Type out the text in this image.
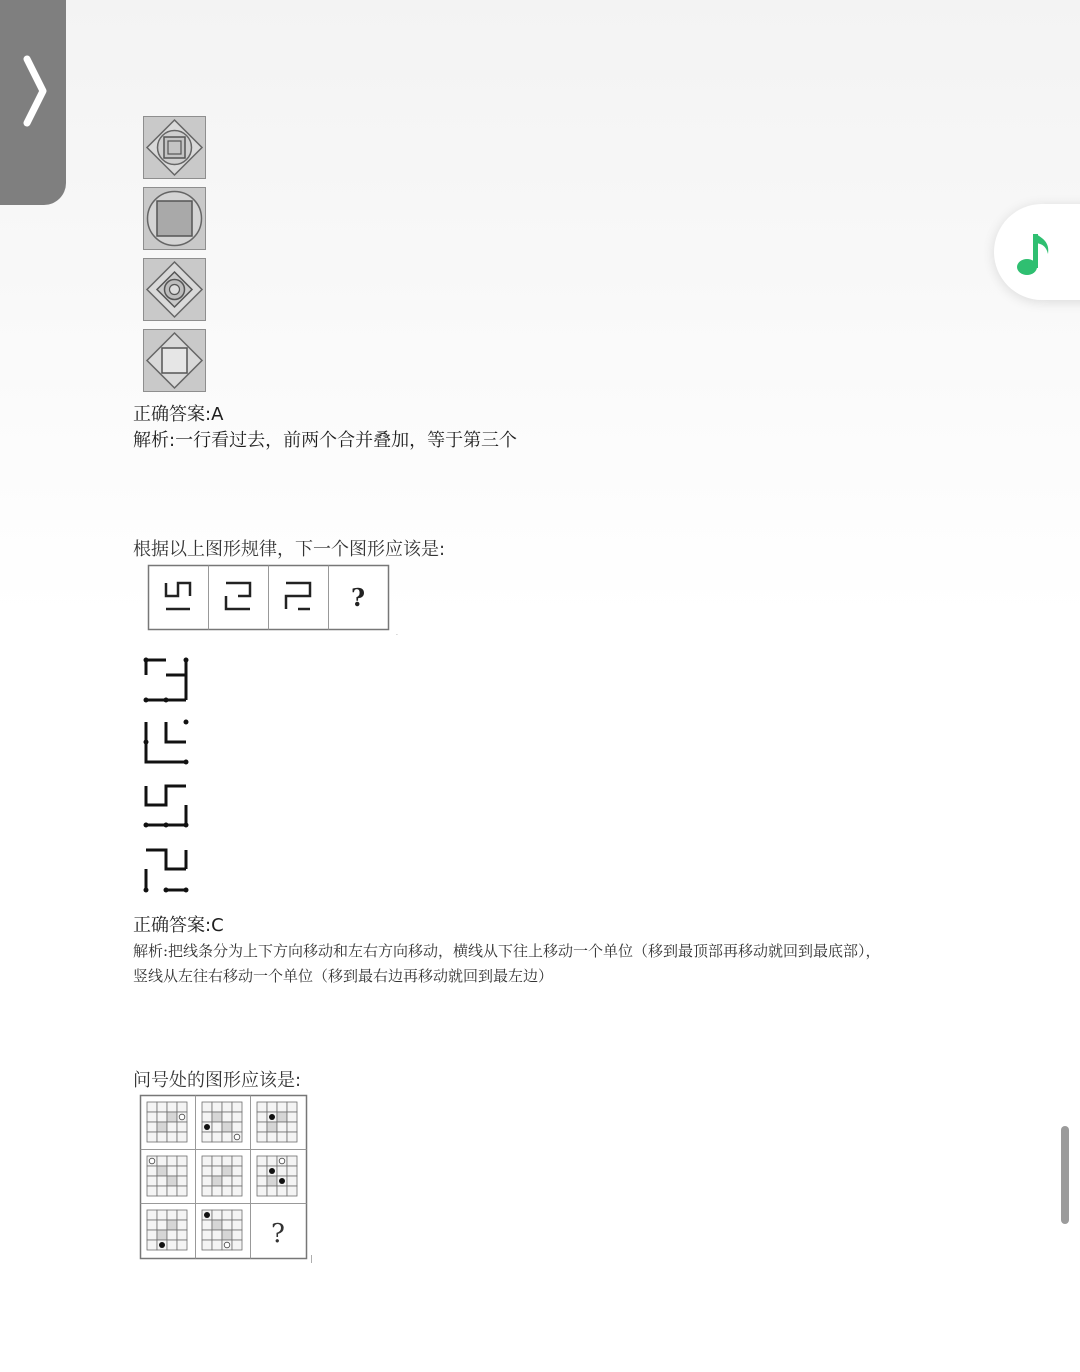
正确答案:A
解析:一行看过去，前两个合并叠加，等于第三个
根据以上图形规律，下一个图形应该是:
?
.
正确答案:C
解析:把线条分为上下方向移动和左右方向移动，横线从下往上移动一个单位（移到最顶部再移动就回到最底部），
竖线从左往右移动一个单位（移到最右边再移动就回到最左边）
问号处的图形应该是:
?
|
